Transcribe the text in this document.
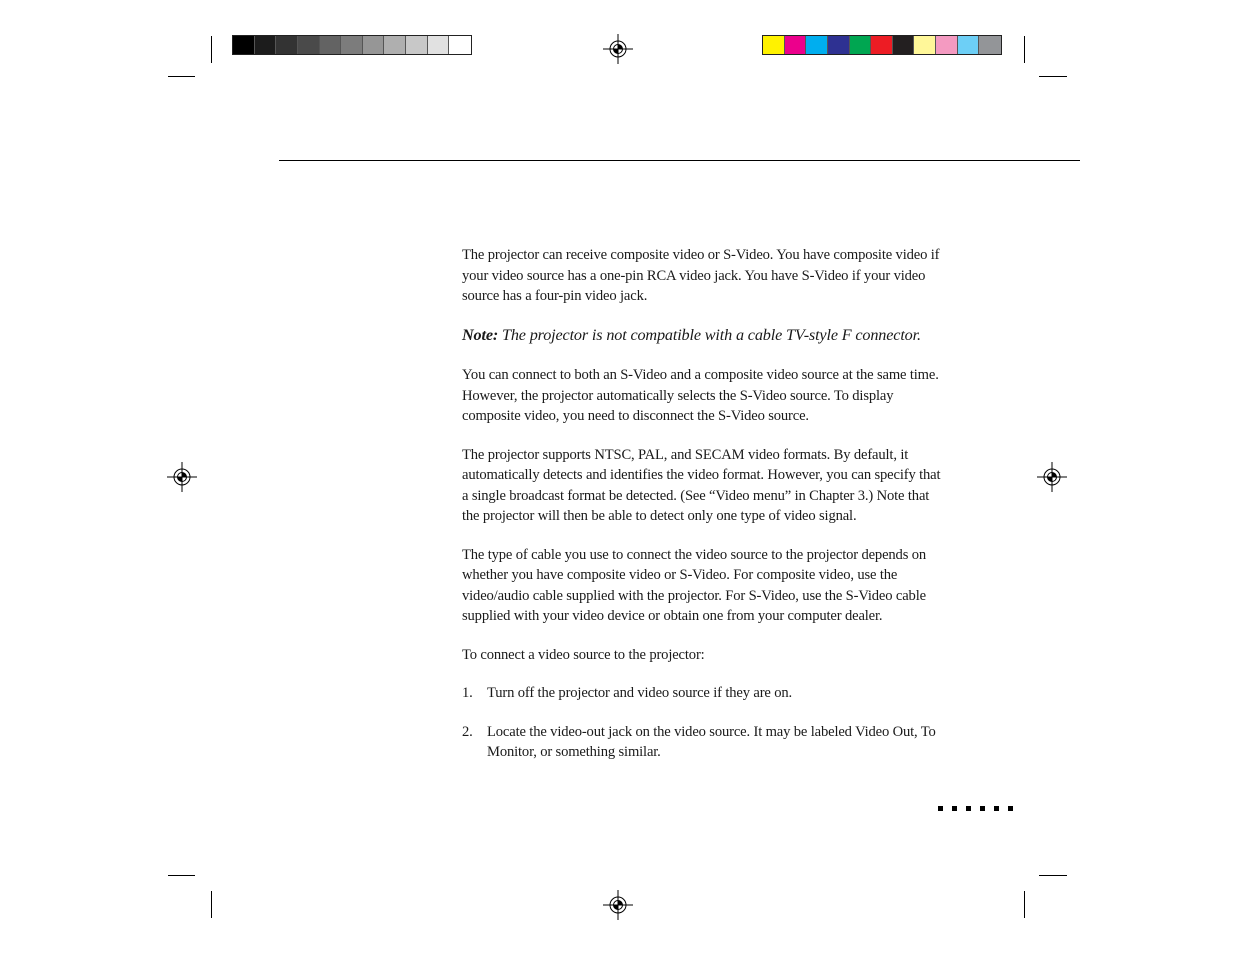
The projector can receive composite video or S-Video. You have composite video if your video source has a one-pin RCA video jack. You have S-Video if your video source has a four-pin video jack.

Note: The projector is not compatible with a cable TV-style F connector.

You can connect to both an S-Video and a composite video source at the same time. However, the projector automatically selects the S-Video source. To display composite video, you need to disconnect the S-Video source.

The projector supports NTSC, PAL, and SECAM video formats. By default, it automatically detects and identifies the video format. However, you can specify that a single broadcast format be detected. (See “Video menu” in Chapter 3.) Note that the projector will then be able to detect only one type of video signal.

The type of cable you use to connect the video source to the projector depends on whether you have composite video or S-Video. For composite video, use the video/audio cable supplied with the projector. For S-Video, use the S-Video cable supplied with your video device or obtain one from your computer dealer.

To connect a video source to the projector:

1. Turn off the projector and video source if they are on.
2. Locate the video-out jack on the video source. It may be labeled Video Out, To Monitor, or something similar.
